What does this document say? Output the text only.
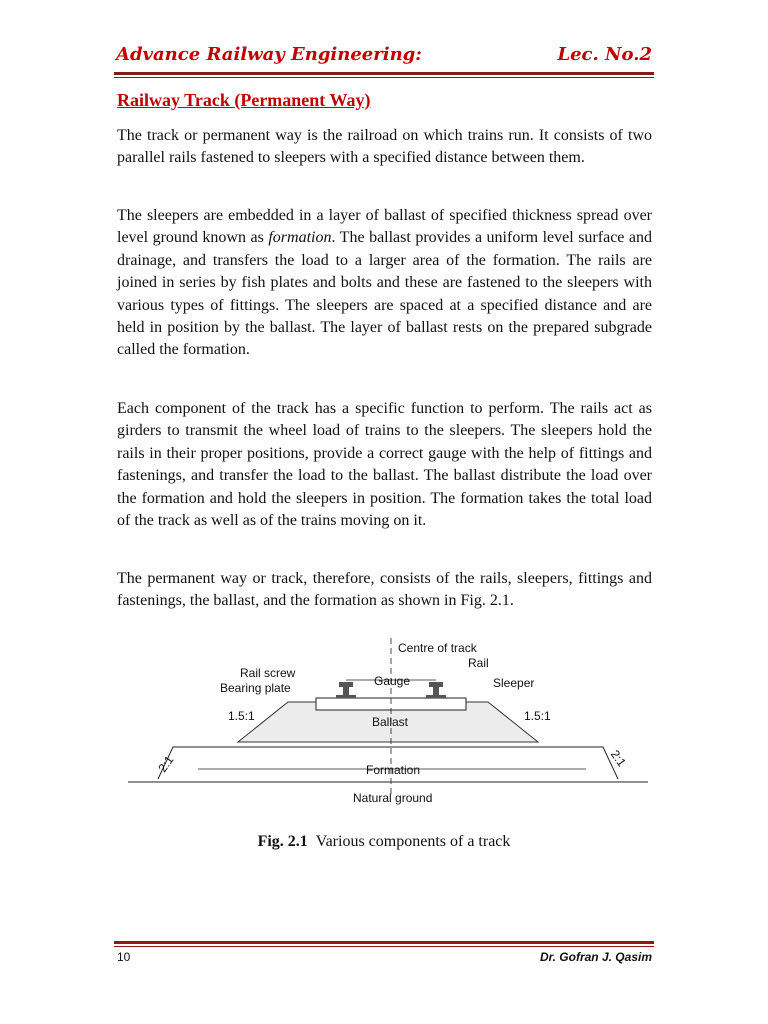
Advance Railway Engineering:	Lec. No.2
Railway Track (Permanent Way)

The track or permanent way is the railroad on which trains run. It consists of two parallel rails fastened to sleepers with a specified distance between them.

The sleepers are embedded in a layer of ballast of specified thickness spread over level ground known as formation. The ballast provides a uniform level surface and drainage, and transfers the load to a larger area of the formation. The rails are joined in series by fish plates and bolts and these are fastened to the sleepers with various types of fittings. The sleepers are spaced at a specified distance and are held in position by the ballast. The layer of ballast rests on the prepared subgrade called the formation.

Each component of the track has a specific function to perform. The rails act as girders to transmit the wheel load of trains to the sleepers. The sleepers hold the rails in their proper positions, provide a correct gauge with the help of fittings and fastenings, and transfer the load to the ballast. The ballast distribute the load over the formation and hold the sleepers in position. The formation takes the total load of the track as well as of the trains moving on it.

The permanent way or track, therefore, consists of the rails, sleepers, fittings and fastenings, the ballast, and the formation as shown in Fig. 2.1.

Centre of track
Rail
Rail screw
Gauge	Sleeper
Bearing plate
1.5:1	1.5:1
Ballast
2:1	2:1
Formation
Natural ground
Fig. 2.1 Various components of a track
10	Dr. Gofran J. Qasim
